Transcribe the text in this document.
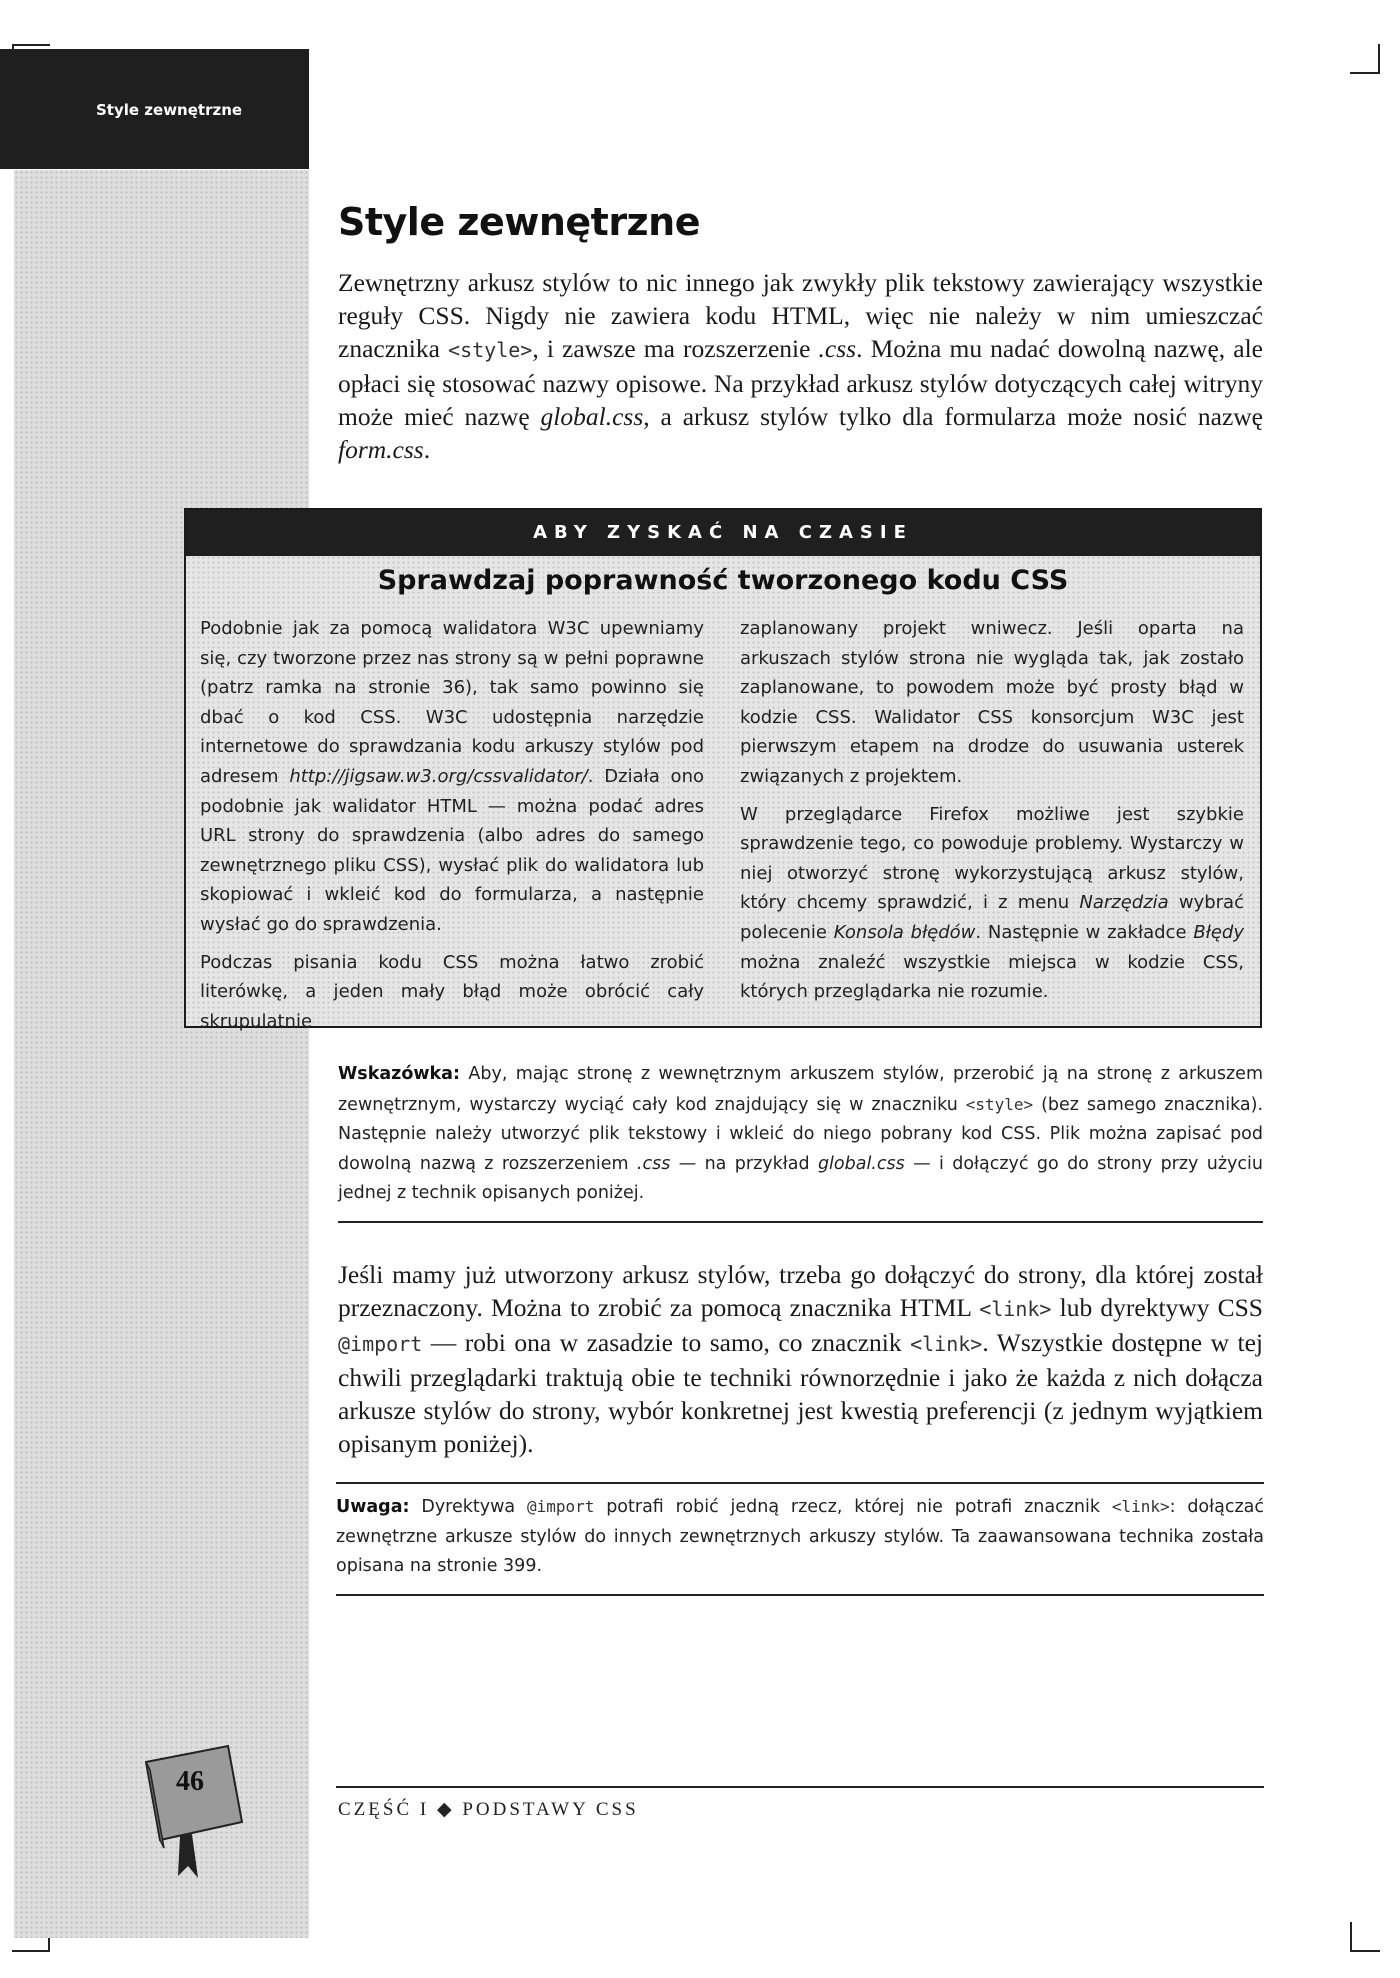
Style zewnętrzne
Style zewnętrzne

Zewnętrzny arkusz stylów to nic innego jak zwykły plik tekstowy zawierający wszystkie reguły CSS. Nigdy nie zawiera kodu HTML, więc nie należy w nim umieszczać znacznika <style>, i zawsze ma rozszerzenie .css. Można mu nadać dowolną nazwę, ale opłaci się stosować nazwy opisowe. Na przykład arkusz stylów dotyczących całej witryny może mieć nazwę global.css, a arkusz stylów tylko dla formularza może nosić nazwę form.css.

ABY ZYSKAĆ NA CZASIE
Sprawdzaj poprawność tworzonego kodu CSS

Podobnie jak za pomocą walidatora W3C upewniamy się, czy tworzone przez nas strony są w pełni poprawne (patrz ramka na stronie 36), tak samo powinno się dbać o kod CSS. W3C udostępnia narzędzie internetowe do sprawdzania kodu arkuszy stylów pod adresem http://jigsaw.w3.org/cssvalidator/. Działa ono podobnie jak walidator HTML — można podać adres URL strony do sprawdzenia (albo adres do samego zewnętrznego pliku CSS), wysłać plik do walidatora lub skopiować i wkleić kod do formularza, a następnie wysłać go do sprawdzenia.

Podczas pisania kodu CSS można łatwo zrobić literówkę, a jeden mały błąd może obrócić cały skrupulatnie

zaplanowany projekt wniwecz. Jeśli oparta na arkuszach stylów strona nie wygląda tak, jak zostało zaplanowane, to powodem może być prosty błąd w kodzie CSS. Walidator CSS konsorcjum W3C jest pierwszym etapem na drodze do usuwania usterek związanych z projektem.

W przeglądarce Firefox możliwe jest szybkie sprawdzenie tego, co powoduje problemy. Wystarczy w niej otworzyć stronę wykorzystującą arkusz stylów, który chcemy sprawdzić, i z menu Narzędzia wybrać polecenie Konsola błędów. Następnie w zakładce Błędy można znaleźć wszystkie miejsca w kodzie CSS, których przeglądarka nie rozumie.

Wskazówka: Aby, mając stronę z wewnętrznym arkuszem stylów, przerobić ją na stronę z arkuszem zewnętrznym, wystarczy wyciąć cały kod znajdujący się w znaczniku <style> (bez samego znacznika). Następnie należy utworzyć plik tekstowy i wkleić do niego pobrany kod CSS. Plik można zapisać pod dowolną nazwą z rozszerzeniem .css — na przykład global.css — i dołączyć go do strony przy użyciu jednej z technik opisanych poniżej.

Jeśli mamy już utworzony arkusz stylów, trzeba go dołączyć do strony, dla której został przeznaczony. Można to zrobić za pomocą znacznika HTML <link> lub dyrektywy CSS @import — robi ona w zasadzie to samo, co znacznik <link>. Wszystkie dostępne w tej chwili przeglądarki traktują obie te techniki równorzędnie i jako że każda z nich dołącza arkusze stylów do strony, wybór konkretnej jest kwestią preferencji (z jednym wyjątkiem opisanym poniżej).

Uwaga: Dyrektywa @import potrafi robić jedną rzecz, której nie potrafi znacznik <link>: dołączać zewnętrzne arkusze stylów do innych zewnętrznych arkuszy stylów. Ta zaawansowana technika została opisana na stronie 399.
46
CZĘŚĆ I ◆ PODSTAWY CSS
